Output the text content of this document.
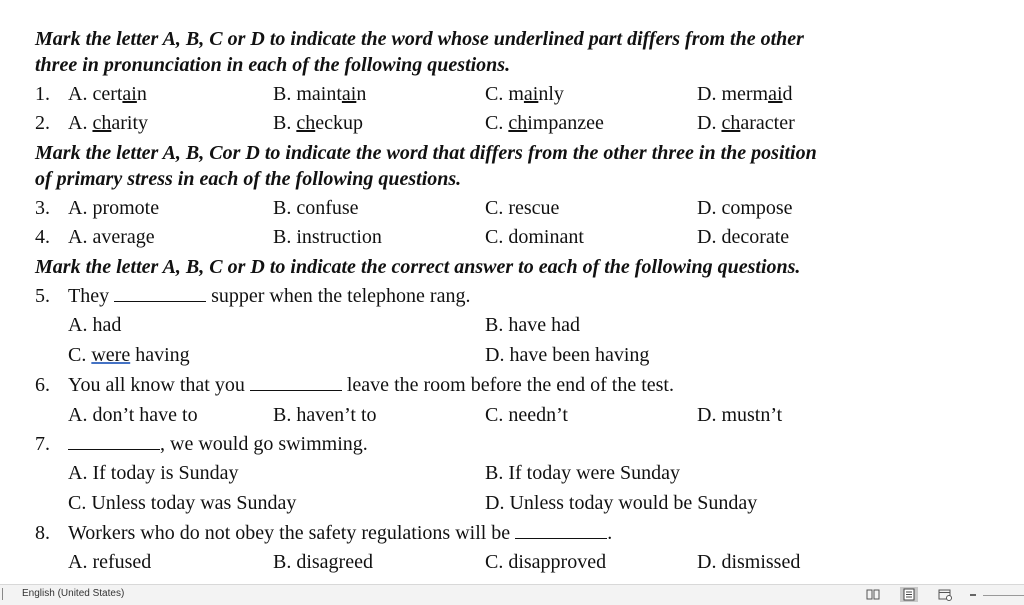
Mark the letter A, B, C or D to indicate the word whose underlined part differs from the other
three in pronunciation in each of the following questions.
1. A. certain	B. maintain	C. mainly	D. mermaid
2. A. charity	B. checkup	C. chimpanzee	D. character
Mark the letter A, B, Cor D to indicate the word that differs from the other three in the position
of primary stress in each of the following questions.
3. A. promote	B. confuse	C. rescue	D. compose
4. A. average	B. instruction	C. dominant	D. decorate
Mark the letter A, B, C or D to indicate the correct answer to each of the following questions.
5. They	supper when the telephone rang.
A. had	B. have had
C. were having	D. have been having
6. You all know that you	leave the room before the end of the test.
A. don’t have to	B. haven’t to	C. needn’t	D. mustn’t
7.	, we would go swimming.
A. If today is Sunday	B. If today were Sunday
C. Unless today was Sunday	D. Unless today would be Sunday
8. Workers who do not obey the safety regulations will be	.
A. refused	B. disagreed	C. disapproved	D. dismissed
English (United States)
